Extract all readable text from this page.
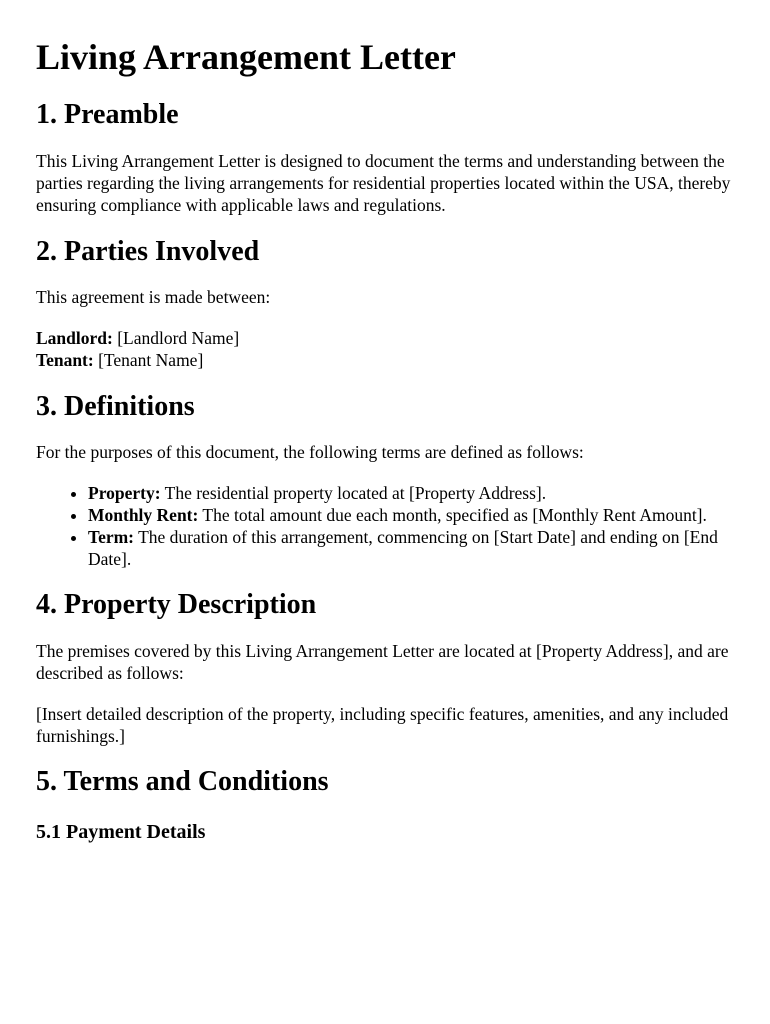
Living Arrangement Letter
1. Preamble

This Living Arrangement Letter is designed to document the terms and understanding between the parties regarding the living arrangements for residential properties located within the USA, thereby ensuring compliance with applicable laws and regulations.

2. Parties Involved

This agreement is made between:

Landlord: [Landlord Name]
Tenant: [Tenant Name]

3. Definitions

For the purposes of this document, the following terms are defined as follows:

• Property: The residential property located at [Property Address].
• Monthly Rent: The total amount due each month, specified as [Monthly Rent Amount].
• Term: The duration of this arrangement, commencing on [Start Date] and ending on [End Date].
4. Property Description

The premises covered by this Living Arrangement Letter are located at [Property Address], and are described as follows:

[Insert detailed description of the property, including specific features, amenities, and any included furnishings.]

5. Terms and Conditions
5.1 Payment Details
